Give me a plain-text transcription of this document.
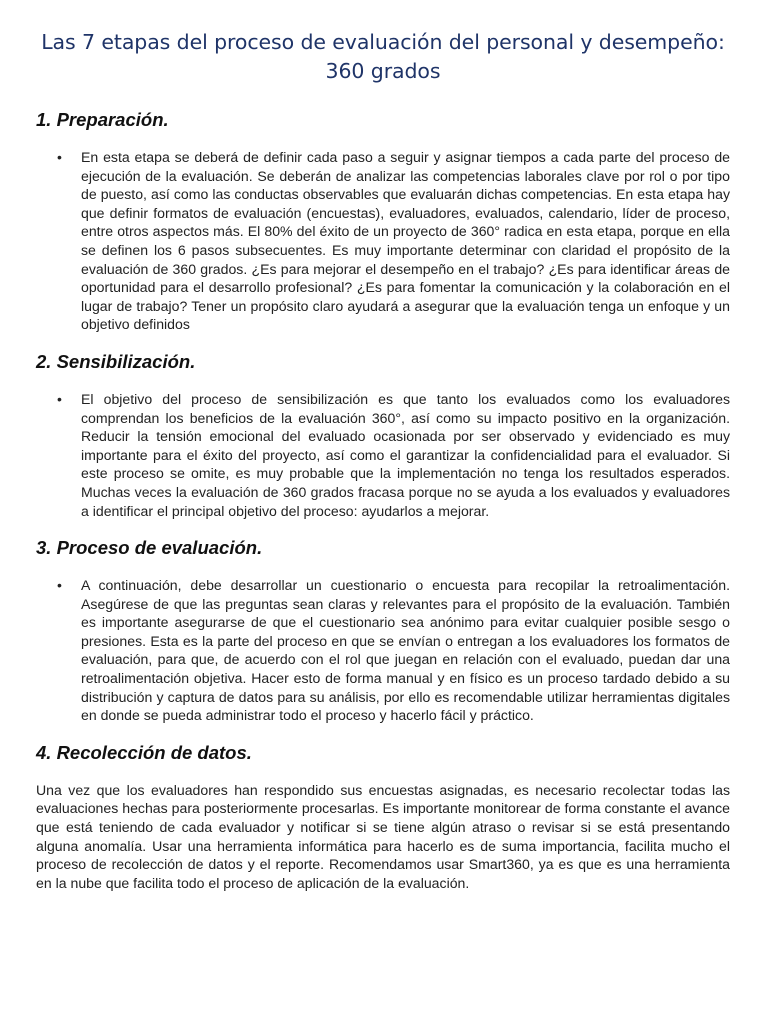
Las 7 etapas del proceso de evaluación del personal y desempeño: 360 grados
1. Preparación.
• En esta etapa se deberá de definir cada paso a seguir y asignar tiempos a cada parte del proceso de ejecución de la evaluación. Se deberán de analizar las competencias laborales clave por rol o por tipo de puesto, así como las conductas observables que evaluarán dichas competencias. En esta etapa hay que definir formatos de evaluación (encuestas), evaluadores, evaluados, calendario, líder de proceso, entre otros aspectos más. El 80% del éxito de un proyecto de 360° radica en esta etapa, porque en ella se definen los 6 pasos subsecuentes. Es muy importante determinar con claridad el propósito de la evaluación de 360 grados. ¿Es para mejorar el desempeño en el trabajo? ¿Es para identificar áreas de oportunidad para el desarrollo profesional? ¿Es para fomentar la comunicación y la colaboración en el lugar de trabajo? Tener un propósito claro ayudará a asegurar que la evaluación tenga un enfoque y un objetivo definidos
2. Sensibilización.
• El objetivo del proceso de sensibilización es que tanto los evaluados como los evaluadores comprendan los beneficios de la evaluación 360°, así como su impacto positivo en la organización. Reducir la tensión emocional del evaluado ocasionada por ser observado y evidenciado es muy importante para el éxito del proyecto, así como el garantizar la confidencialidad para el evaluador. Si este proceso se omite, es muy probable que la implementación no tenga los resultados esperados. Muchas veces la evaluación de 360 grados fracasa porque no se ayuda a los evaluados y evaluadores a identificar el principal objetivo del proceso: ayudarlos a mejorar.
3. Proceso de evaluación.
• A continuación, debe desarrollar un cuestionario o encuesta para recopilar la retroalimentación. Asegúrese de que las preguntas sean claras y relevantes para el propósito de la evaluación. También es importante asegurarse de que el cuestionario sea anónimo para evitar cualquier posible sesgo o presiones. Esta es la parte del proceso en que se envían o entregan a los evaluadores los formatos de evaluación, para que, de acuerdo con el rol que juegan en relación con el evaluado, puedan dar una retroalimentación objetiva. Hacer esto de forma manual y en físico es un proceso tardado debido a su distribución y captura de datos para su análisis, por ello es recomendable utilizar herramientas digitales en donde se pueda administrar todo el proceso y hacerlo fácil y práctico.
4. Recolección de datos.

Una vez que los evaluadores han respondido sus encuestas asignadas, es necesario recolectar todas las evaluaciones hechas para posteriormente procesarlas. Es importante monitorear de forma constante el avance que está teniendo de cada evaluador y notificar si se tiene algún atraso o revisar si se está presentando alguna anomalía. Usar una herramienta informática para hacerlo es de suma importancia, facilita mucho el proceso de recolección de datos y el reporte. Recomendamos usar Smart360, ya es que es una herramienta en la nube que facilita todo el proceso de aplicación de la evaluación.
